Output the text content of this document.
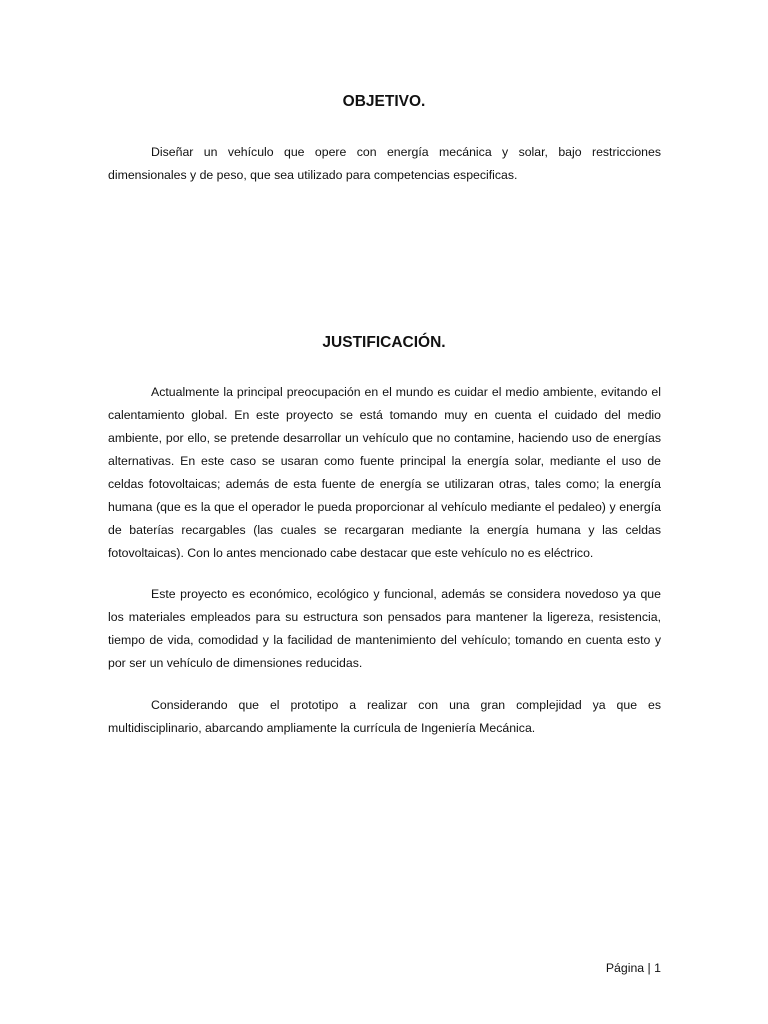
OBJETIVO.

Diseñar un vehículo que opere con energía mecánica y solar, bajo restricciones dimensionales y de peso, que sea utilizado para competencias especificas.

JUSTIFICACIÓN.

Actualmente la principal preocupación en el mundo es cuidar el medio ambiente, evitando el calentamiento global. En este proyecto se está tomando muy en cuenta el cuidado del medio ambiente, por ello, se pretende desarrollar un vehículo que no contamine, haciendo uso de energías alternativas. En este caso se usaran como fuente principal la energía solar, mediante el uso de celdas fotovoltaicas; además de esta fuente de energía se utilizaran otras, tales como; la energía humana (que es la que el operador le pueda proporcionar al vehículo mediante el pedaleo) y energía de baterías recargables (las cuales se recargaran mediante la energía humana y las celdas fotovoltaicas). Con lo antes mencionado cabe destacar que este vehículo no es eléctrico.

Este proyecto es económico, ecológico y funcional, además se considera novedoso ya que los materiales empleados para su estructura son pensados para mantener la ligereza, resistencia, tiempo de vida, comodidad y la facilidad de mantenimiento del vehículo; tomando en cuenta esto y por ser un vehículo de dimensiones reducidas.

Considerando que el prototipo a realizar con una gran complejidad ya que es multidisciplinario, abarcando ampliamente la currícula de Ingeniería Mecánica.

Página | 1
